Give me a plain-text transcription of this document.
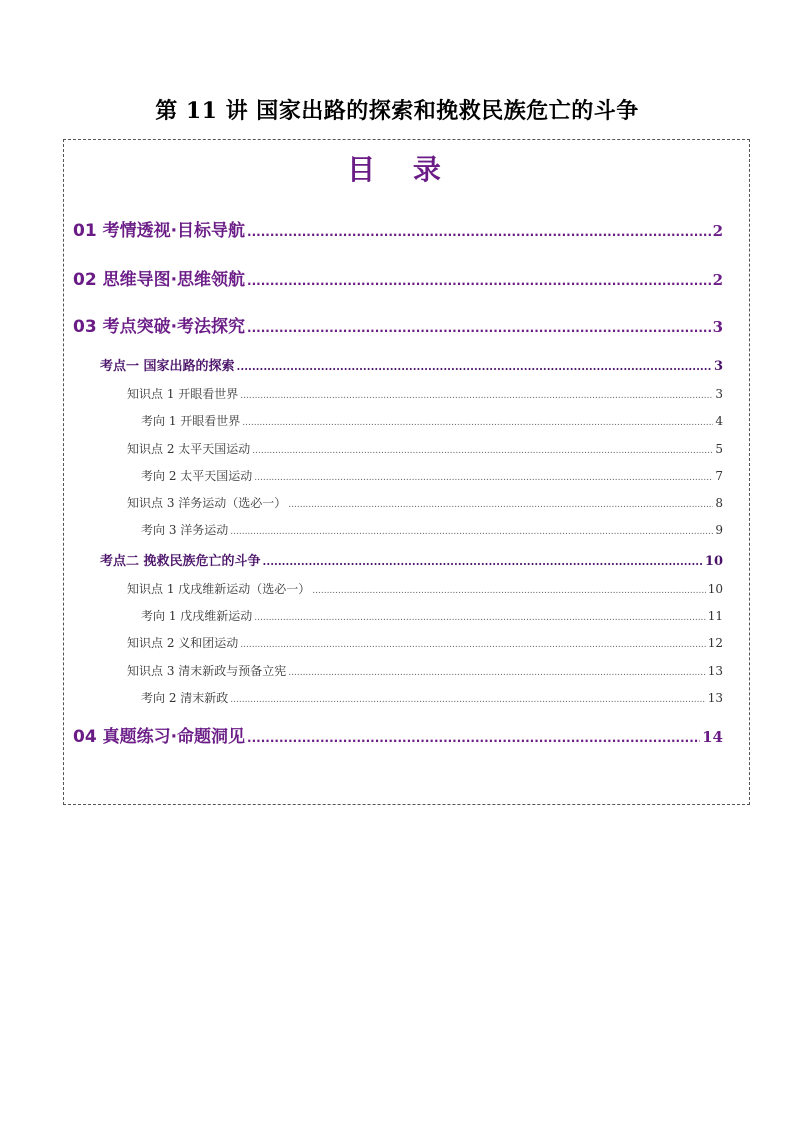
第 11 讲 国家出路的探索和挽救民族危亡的斗争
目 录
01 考情透视·目标导航 .....	2
02 思维导图·思维领航 .....	2
03 考点突破·考法探究 .....	3
考点一 国家出路的探索 .....	3
知识点 1 开眼看世界 .....	3
考向 1 开眼看世界 .....	4
知识点 2 太平天国运动 .....	5
考向 2 太平天国运动 .....	7
知识点 3 洋务运动（选必一） .....	8
考向 3 洋务运动 .....	9
考点二 挽救民族危亡的斗争 .....	10
知识点 1 戊戌维新运动（选必一） .....	10
考向 1 戊戌维新运动 .....	11
知识点 2 义和团运动 .....	12
知识点 3 清末新政与预备立宪 .....	13
考向 2 清末新政 .....	13
04 真题练习·命题洞见 .....	14
